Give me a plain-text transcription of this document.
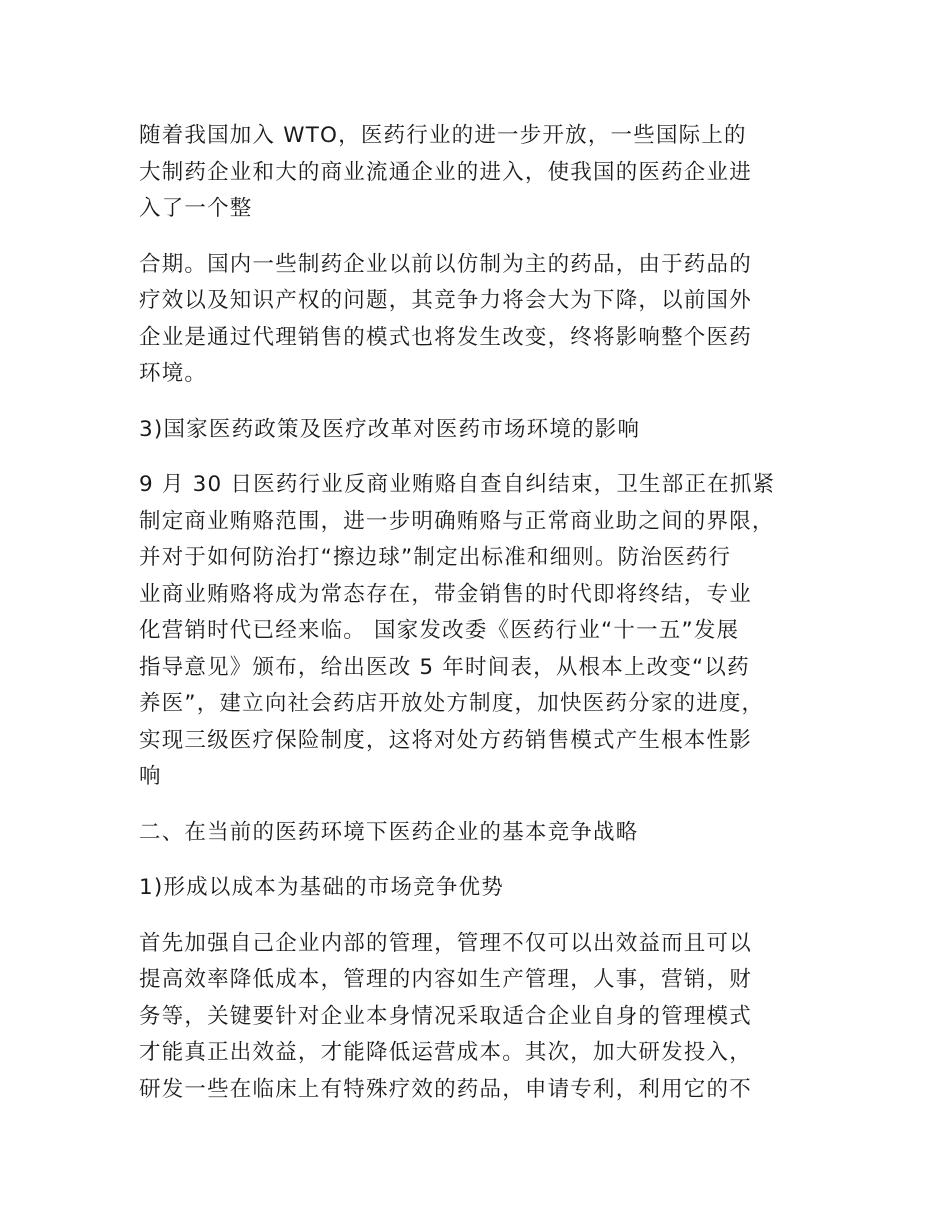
随着我国加入 WTO，医药行业的进一步开放，一些国际上的
大制药企业和大的商业流通企业的进入，使我国的医药企业进
入了一个整

合期。国内一些制药企业以前以仿制为主的药品，由于药品的
疗效以及知识产权的问题，其竞争力将会大为下降，以前国外
企业是通过代理销售的模式也将发生改变，终将影响整个医药
环境。

3)国家医药政策及医疗改革对医药市场环境的影响

9 月 30 日医药行业反商业贿赂自查自纠结束，卫生部正在抓紧
制定商业贿赂范围，进一步明确贿赂与正常商业助之间的界限，
并对于如何防治打“擦边球”制定出标准和细则。防治医药行
业商业贿赂将成为常态存在，带金销售的时代即将终结，专业
化营销时代已经来临。 国家发改委《医药行业“十一五”发展
指导意见》颁布，给出医改 5 年时间表，从根本上改变“以药
养医”，建立向社会药店开放处方制度，加快医药分家的进度，
实现三级医疗保险制度，这将对处方药销售模式产生根本性影
响

二、在当前的医药环境下医药企业的基本竞争战略

1)形成以成本为基础的市场竞争优势

首先加强自己企业内部的管理，管理不仅可以出效益而且可以
提高效率降低成本，管理的内容如生产管理，人事，营销，财
务等，关键要针对企业本身情况采取适合企业自身的管理模式
才能真正出效益，才能降低运营成本。其次，加大研发投入，
研发一些在临床上有特殊疗效的药品，申请专利，利用它的不
